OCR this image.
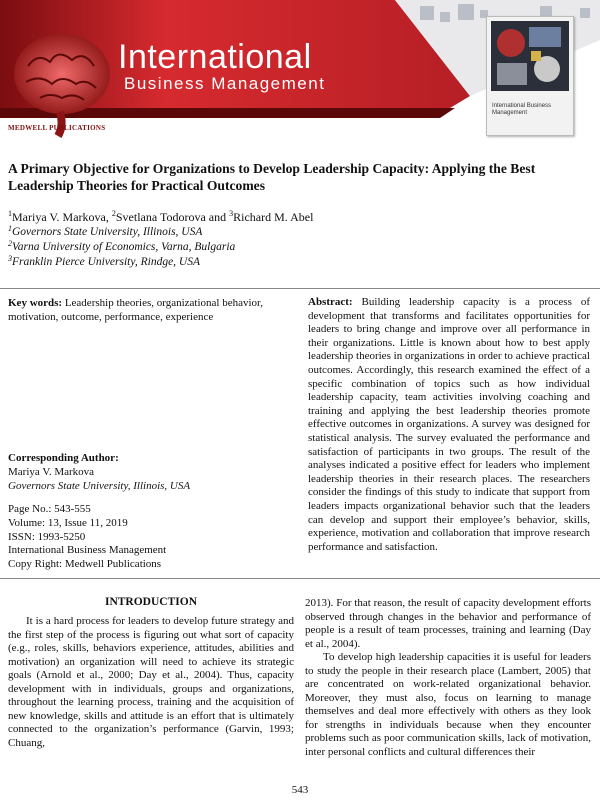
International
Business Management
MEDWELL PUBLICATIONS
International Business Management
A Primary Objective for Organizations to Develop Leadership Capacity: Applying the Best Leadership Theories for Practical Outcomes
$^1$Mariya V. Markova, $^2$Svetlana Todorova and $^3$Richard M. Abel
$^1$Governors State University, Illinois, USA
$^2$Varna University of Economics, Varna, Bulgaria
$^3$Franklin Pierce University, Rindge, USA
Key words: Leadership theories, organizational behavior, motivation, outcome, performance, experience
Corresponding Author:
Mariya V. Markova
Governors State University, Illinois, USA
Page No.: 543-555
Volume: 13, Issue 11, 2019
ISSN: 1993-5250
International Business Management
Copy Right: Medwell Publications
Abstract: Building leadership capacity is a process of development that transforms and facilitates opportunities for leaders to bring change and improve over all performance in their organizations. Little is known about how to best apply leadership theories in organizations in order to achieve practical outcomes. Accordingly, this research examined the effect of a specific combination of topics such as how individual leadership capacity, team activities involving coaching and training and applying the best leadership theories promote effective outcomes in organizations. A survey was designed for statistical analysis. The survey evaluated the performance and satisfaction of participants in two groups. The result of the analyses indicated a positive effect for leaders who implement leadership theories in their research places. The researchers consider the findings of this study to indicate that support from leaders impacts organizational behavior such that the leaders can develop and support their employee’s behavior, skills, experience, motivation and collaboration that improve research performance and satisfaction.
INTRODUCTION

It is a hard process for leaders to develop future strategy and the first step of the process is figuring out what sort of capacity (e.g., roles, skills, behaviors experience, attitudes, abilities and motivation) an organization will need to achieve its strategic goals (Arnold et al., 2000; Day et al., 2004). Thus, capacity development with in individuals, groups and organizations, throughout the learning process, training and the acquisition of new knowledge, skills and attitude is an effort that is ultimately connected to the organization’s performance (Garvin, 1993; Chuang,

2013). For that reason, the result of capacity development efforts observed through changes in the behavior and performance of people is a result of team processes, training and learning (Day et al., 2004).

To develop high leadership capacities it is useful for leaders to study the people in their research place (Lambert, 2005) that are concentrated on work-related organizational behavior. Moreover, they must also, focus on learning to manage themselves and deal more effectively with others as they look for strengths in individuals because when they encounter problems such as poor communication skills, lack of motivation, inter personal conflicts and cultural differences their

543
